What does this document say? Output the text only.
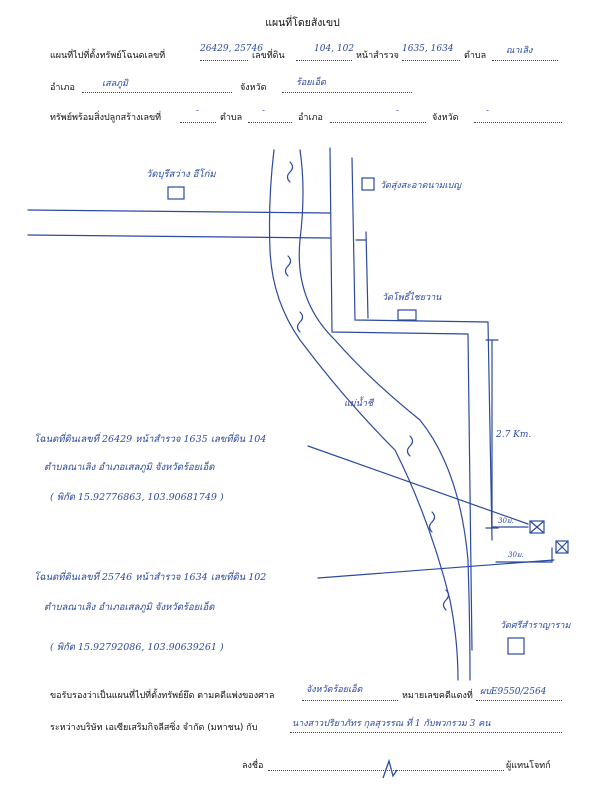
แผนที่โดยสังเขป
แผนที่ไปที่ตั้งทรัพย์โฉนดเลขที่
26429, 25746
เลขที่ดิน
104, 102
หน้าสำรวจ
1635, 1634
ตำบล ณาเลิง
อำเภอ	เสลภูมิ	จังหวัด	ร้อยเอ็ด
ทรัพย์พร้อมสิ่งปลูกสร้างเลขที่
-
ตำบล
-
อำเภอ
-
จังหวัด
-
วัดบุรีสว่าง อีโก่ม
วัดสุ่งสะอาดนามเบญ
วัดโพธิ์ไชยวาน
วัดศรีสำราญาราม
แม่น้ำชี
2.7 Km.
30ม.
30ม.
โฉนดที่ดินเลขที่ 26429 หน้าสำรวจ 1635 เลขที่ดิน 104
ตำบลณาเลิง อำเภอเสลภูมิ จังหวัดร้อยเอ็ด
( พิกัด 15.92776863, 103.90681749 )
โฉนดที่ดินเลขที่ 25746 หน้าสำรวจ 1634 เลขที่ดิน 102
ตำบลณาเลิง อำเภอเสลภูมิ จังหวัดร้อยเอ็ด
( พิกัด 15.92792086, 103.90639261 )
ขอรับรองว่าเป็นแผนที่ไปที่ตั้งทรัพย์ยึด ตามคดีแพ่งของศาล
จังหวัดร้อยเอ็ด
หมายเลขคดีแดงที่ ผบE9550/2564
ระหว่างบริษัท เอเซียเสริมกิจลีสซิ่ง จำกัด (มหาชน) กับ	นางสาวปริยาภัทร กุลสุวรรณ ที่ 1 กับพวกรวม 3 คน
ลงชื่อ	ผู้แทนโจทก์
